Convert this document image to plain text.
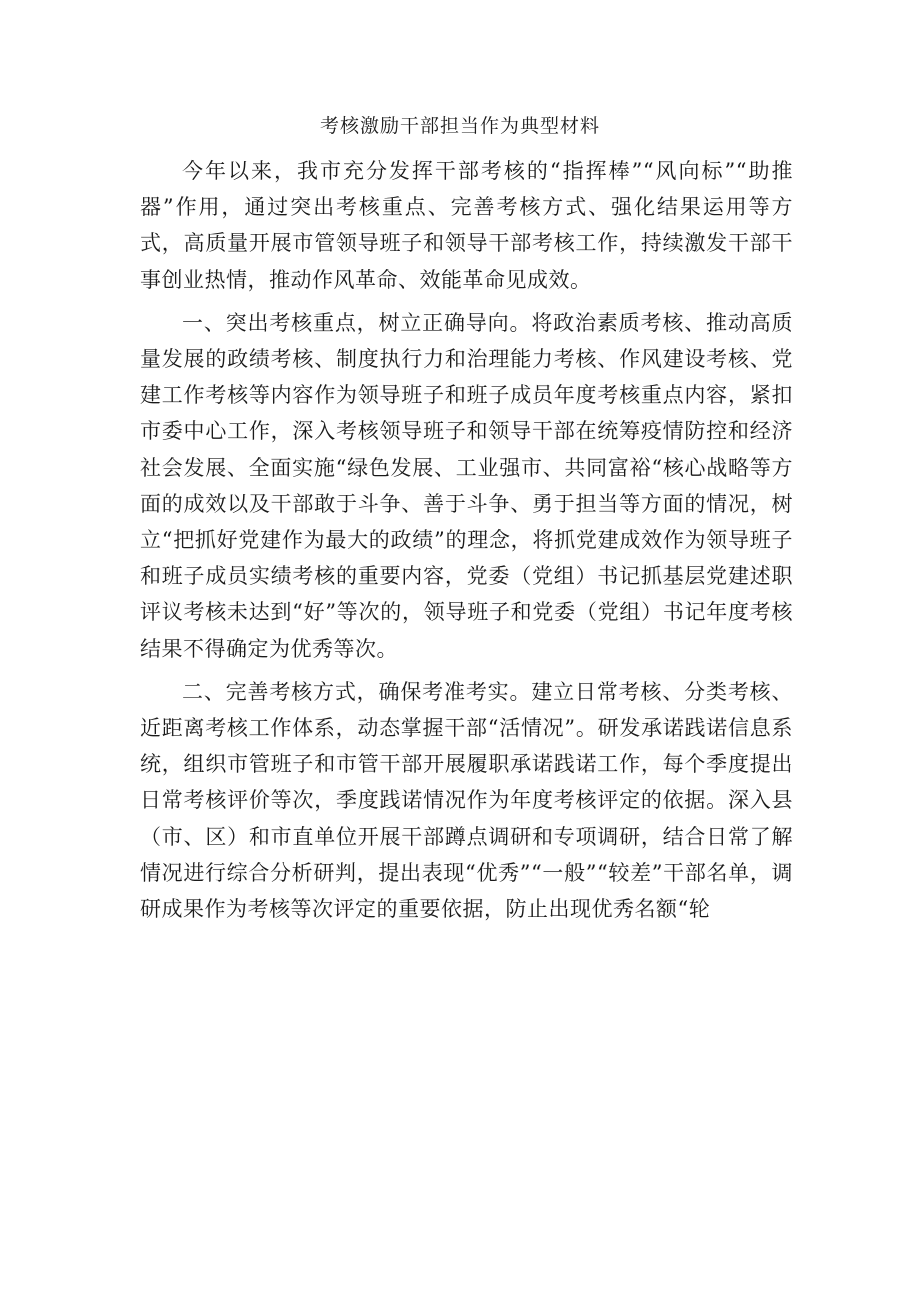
考核激励干部担当作为典型材料

今年以来，我市充分发挥干部考核的“指挥棒”“风向标”“助推器”作用，通过突出考核重点、完善考核方式、强化结果运用等方式，高质量开展市管领导班子和领导干部考核工作，持续激发干部干事创业热情，推动作风革命、效能革命见成效。

一、突出考核重点，树立正确导向。将政治素质考核、推动高质量发展的政绩考核、制度执行力和治理能力考核、作风建设考核、党建工作考核等内容作为领导班子和班子成员年度考核重点内容，紧扣市委中心工作，深入考核领导班子和领导干部在统筹疫情防控和经济社会发展、全面实施“绿色发展、工业强市、共同富裕“核心战略等方面的成效以及干部敢于斗争、善于斗争、勇于担当等方面的情况，树立“把抓好党建作为最大的政绩”的理念，将抓党建成效作为领导班子和班子成员实绩考核的重要内容，党委（党组）书记抓基层党建述职评议考核未达到“好”等次的，领导班子和党委（党组）书记年度考核结果不得确定为优秀等次。

二、完善考核方式，确保考准考实。建立日常考核、分类考核、近距离考核工作体系，动态掌握干部“活情况”。研发承诺践诺信息系统，组织市管班子和市管干部开展履职承诺践诺工作，每个季度提出日常考核评价等次，季度践诺情况作为年度考核评定的依据。深入县（市、区）和市直单位开展干部蹲点调研和专项调研，结合日常了解情况进行综合分析研判，提出表现“优秀”“一般”“较差”干部名单，调研成果作为考核等次评定的重要依据，防止出现优秀名额“轮
